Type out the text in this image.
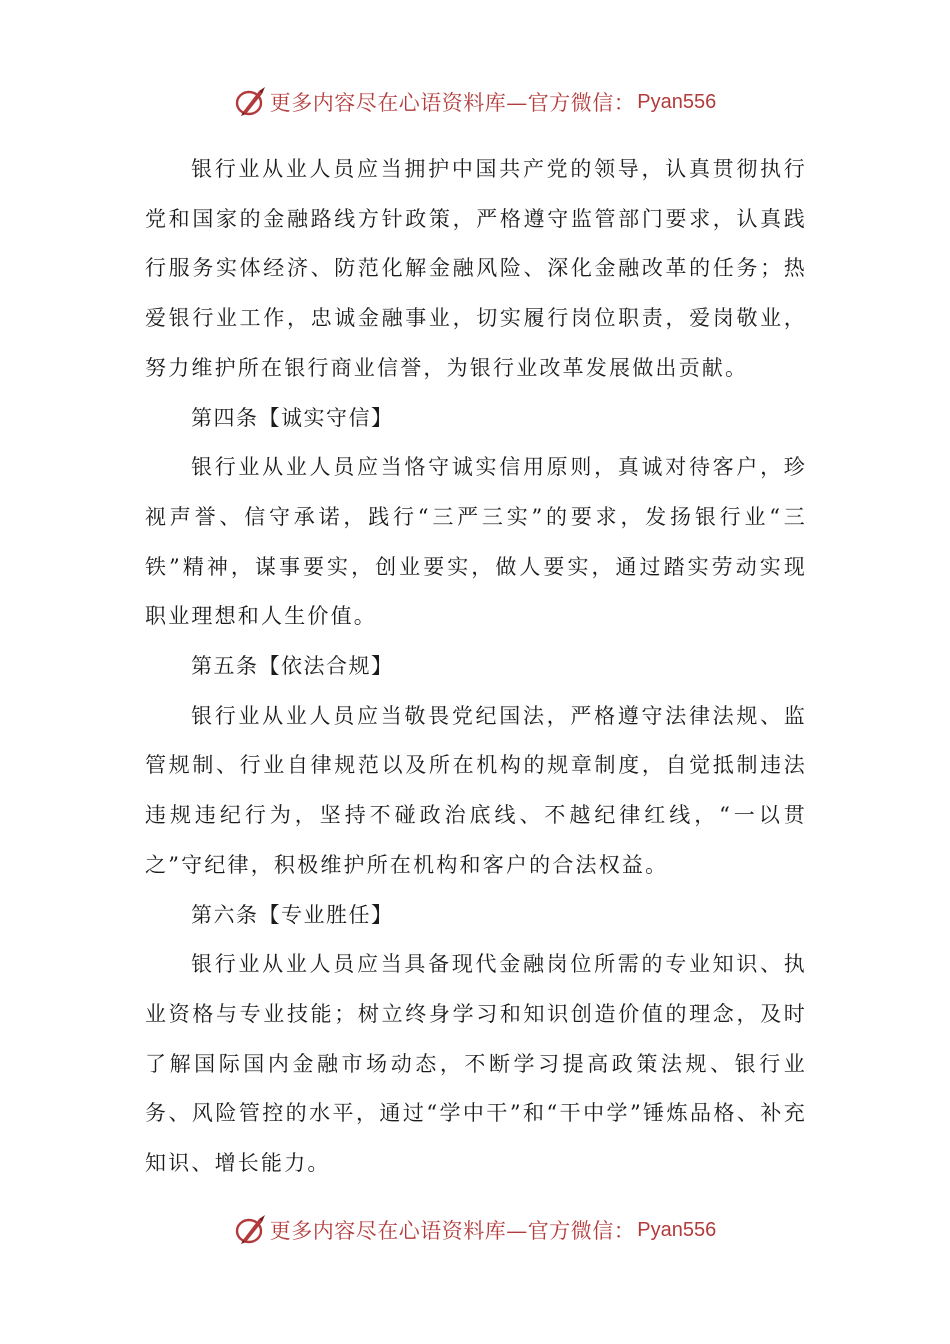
更多内容尽在心语资料库—官方微信： Pyan556

银行业从业人员应当拥护中国共产党的领导，认真贯彻执行党和国家的金融路线方针政策，严格遵守监管部门要求，认真践行服务实体经济、防范化解金融风险、深化金融改革的任务；热爱银行业工作，忠诚金融事业，切实履行岗位职责，爱岗敬业，努力维护所在银行商业信誉，为银行业改革发展做出贡献。

第四条【诚实守信】

银行业从业人员应当恪守诚实信用原则，真诚对待客户，珍视声誉、信守承诺，践行“三严三实”的要求，发扬银行业“三铁”精神，谋事要实，创业要实，做人要实，通过踏实劳动实现职业理想和人生价值。

第五条【依法合规】

银行业从业人员应当敬畏党纪国法，严格遵守法律法规、监管规制、行业自律规范以及所在机构的规章制度，自觉抵制违法违规违纪行为，坚持不碰政治底线、不越纪律红线，“一以贯之”守纪律，积极维护所在机构和客户的合法权益。

第六条【专业胜任】

银行业从业人员应当具备现代金融岗位所需的专业知识、执业资格与专业技能；树立终身学习和知识创造价值的理念，及时了解国际国内金融市场动态，不断学习提高政策法规、银行业务、风险管控的水平，通过“学中干”和“干中学”锤炼品格、补充知识、增长能力。

更多内容尽在心语资料库—官方微信： Pyan556
